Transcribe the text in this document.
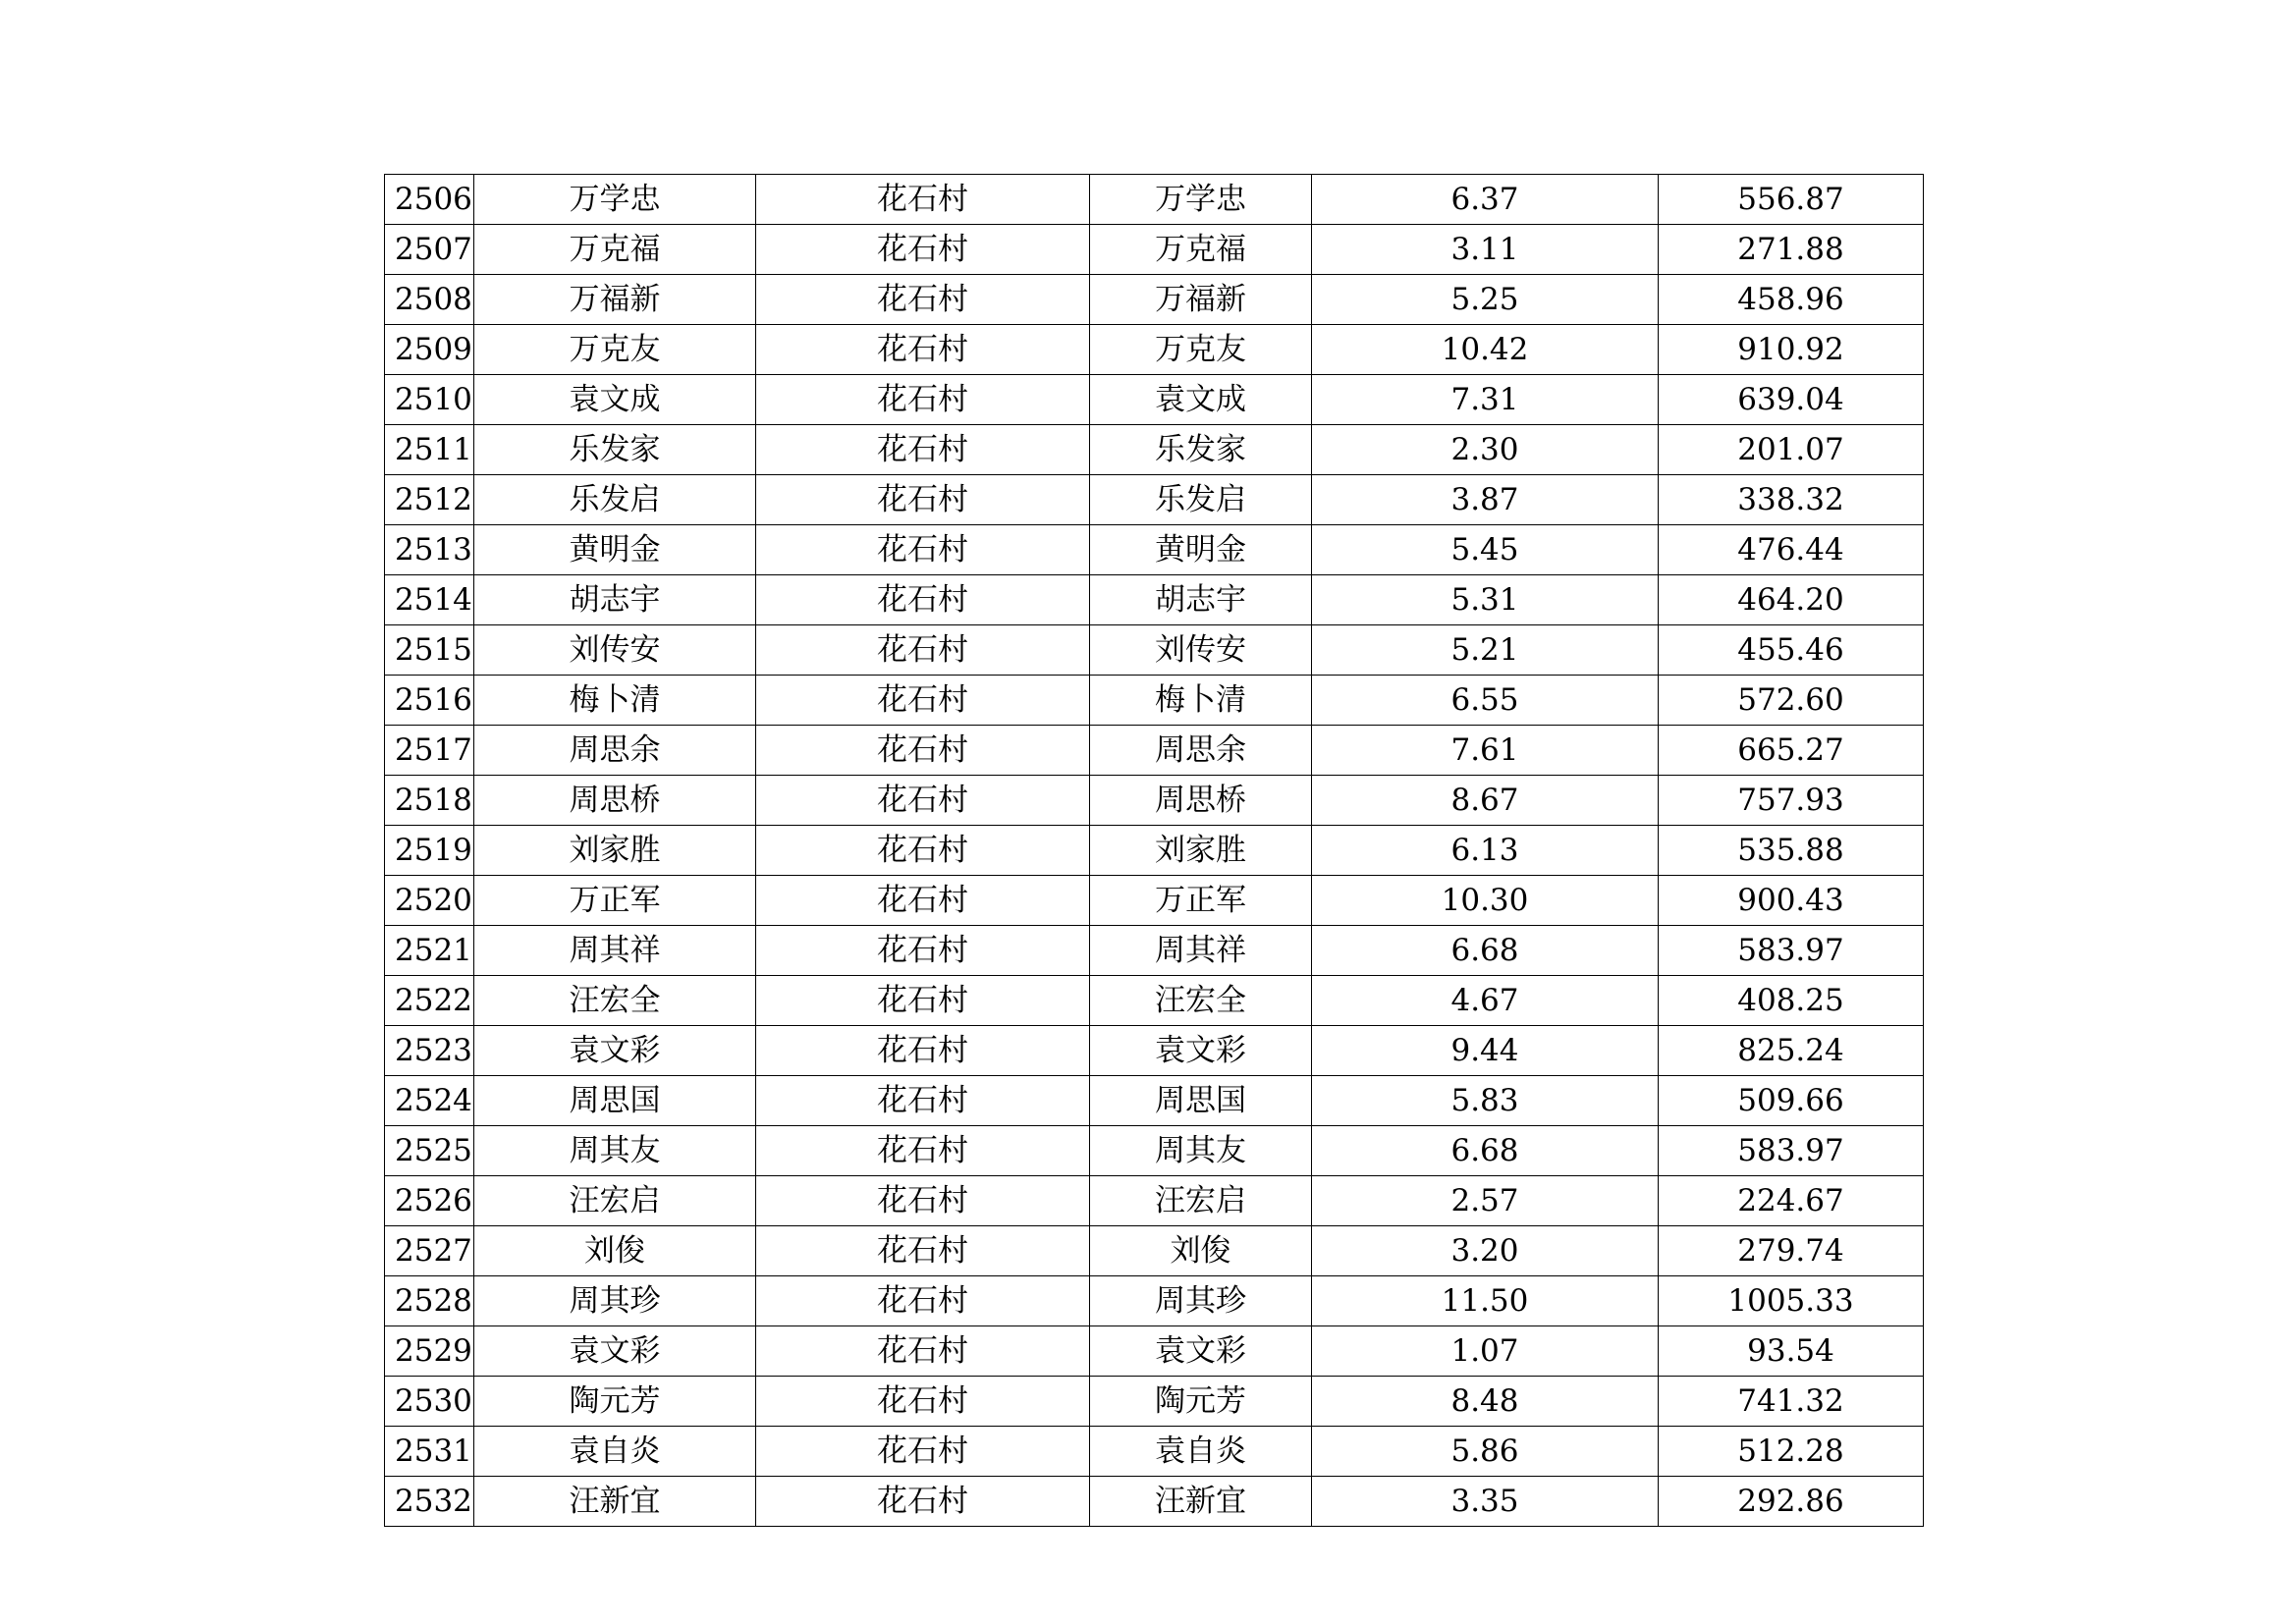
2506	万学忠	花石村	万学忠	6.37	556.87
2507	万克福	花石村	万克福	3.11	271.88
2508	万福新	花石村	万福新	5.25	458.96
2509	万克友	花石村	万克友	10.42	910.92
2510	袁文成	花石村	袁文成	7.31	639.04
2511	乐发家	花石村	乐发家	2.30	201.07
2512	乐发启	花石村	乐发启	3.87	338.32
2513	黄明金	花石村	黄明金	5.45	476.44
2514	胡志宇	花石村	胡志宇	5.31	464.20
2515	刘传安	花石村	刘传安	5.21	455.46
2516	梅卜清	花石村	梅卜清	6.55	572.60
2517	周思余	花石村	周思余	7.61	665.27
2518	周思桥	花石村	周思桥	8.67	757.93
2519	刘家胜	花石村	刘家胜	6.13	535.88
2520	万正军	花石村	万正军	10.30	900.43
2521	周其祥	花石村	周其祥	6.68	583.97
2522	汪宏全	花石村	汪宏全	4.67	408.25
2523	袁文彩	花石村	袁文彩	9.44	825.24
2524	周思国	花石村	周思国	5.83	509.66
2525	周其友	花石村	周其友	6.68	583.97
2526	汪宏启	花石村	汪宏启	2.57	224.67
2527	刘俊	花石村	刘俊	3.20	279.74
2528	周其珍	花石村	周其珍	11.50	1005.33
2529	袁文彩	花石村	袁文彩	1.07	93.54
2530	陶元芳	花石村	陶元芳	8.48	741.32
2531	袁自炎	花石村	袁自炎	5.86	512.28
2532	汪新宜	花石村	汪新宜	3.35	292.86
